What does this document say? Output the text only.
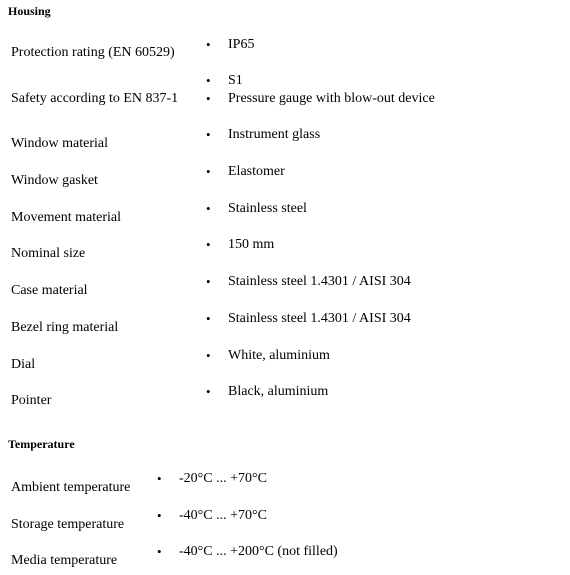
Housing
Protection rating (EN 60529)
• IP65
Safety according to EN 837-1
• S1
• Pressure gauge with blow-out device
Window material
• Instrument glass
Window gasket
• Elastomer
Movement material
• Stainless steel
Nominal size
• 150 mm
Case material
• Stainless steel 1.4301 / AISI 304
Bezel ring material
• Stainless steel 1.4301 / AISI 304
Dial
• White, aluminium
Pointer
• Black, aluminium
Temperature
Ambient temperature
• -20°C ... +70°C
Storage temperature
• -40°C ... +70°C
Media temperature
• -40°C ... +200°C (not filled)
